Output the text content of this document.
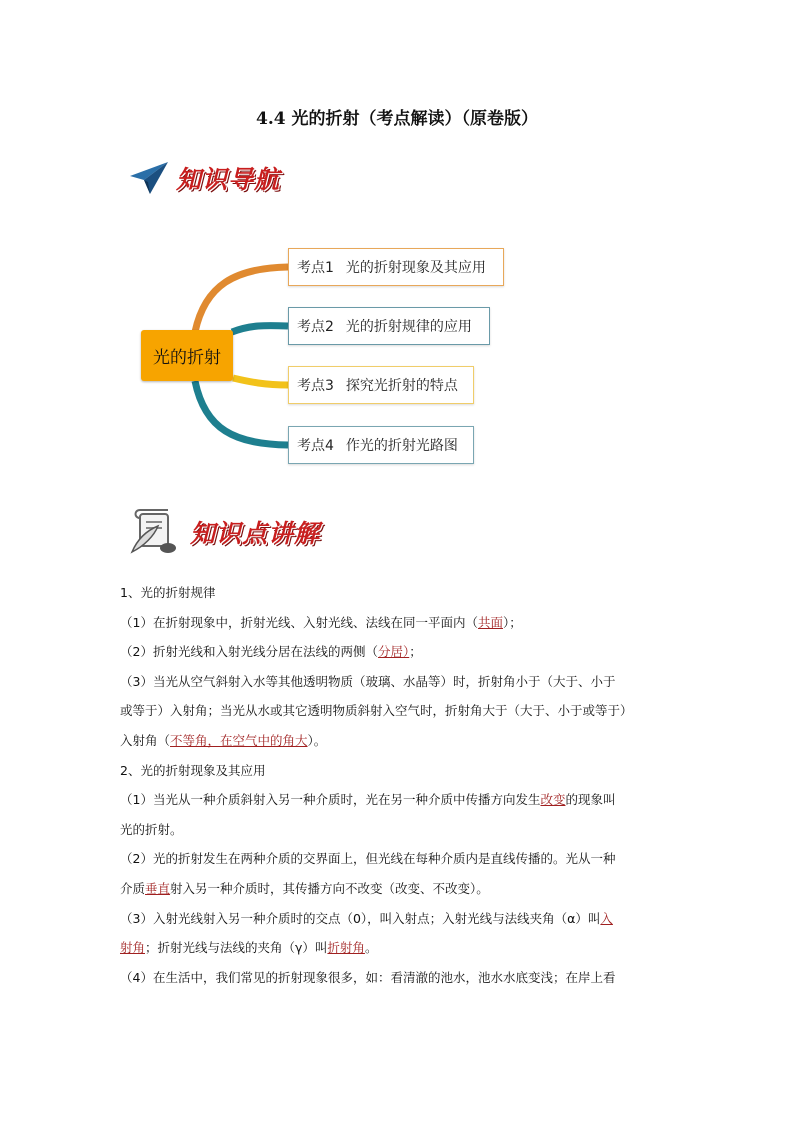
4.4 光的折射（考点解读）（原卷版）
知识导航
光的折射
考点1 光的折射现象及其应用
考点2 光的折射规律的应用
考点3 探究光折射的特点
考点4 作光的折射光路图
知识点讲解

1、光的折射规律

（1）在折射现象中，折射光线、入射光线、法线在同一平面内（共面）；

（2）折射光线和入射光线分居在法线的两侧（分居）；

（3）当光从空气斜射入水等其他透明物质（玻璃、水晶等）时，折射角小于（大于、小于

或等于）入射角；当光从水或其它透明物质斜射入空气时，折射角大于（大于、小于或等于）

入射角（不等角，在空气中的角大）。

2、光的折射现象及其应用

（1）当光从一种介质斜射入另一种介质时，光在另一种介质中传播方向发生改变的现象叫

光的折射。

（2）光的折射发生在两种介质的交界面上，但光线在每种介质内是直线传播的。光从一种

介质垂直射入另一种介质时，其传播方向不改变（改变、不改变）。

（3）入射光线射入另一种介质时的交点（0），叫入射点；入射光线与法线夹角（α）叫入

射角；折射光线与法线的夹角（γ）叫折射角。

（4）在生活中，我们常见的折射现象很多，如：看清澈的池水，池水水底变浅；在岸上看
